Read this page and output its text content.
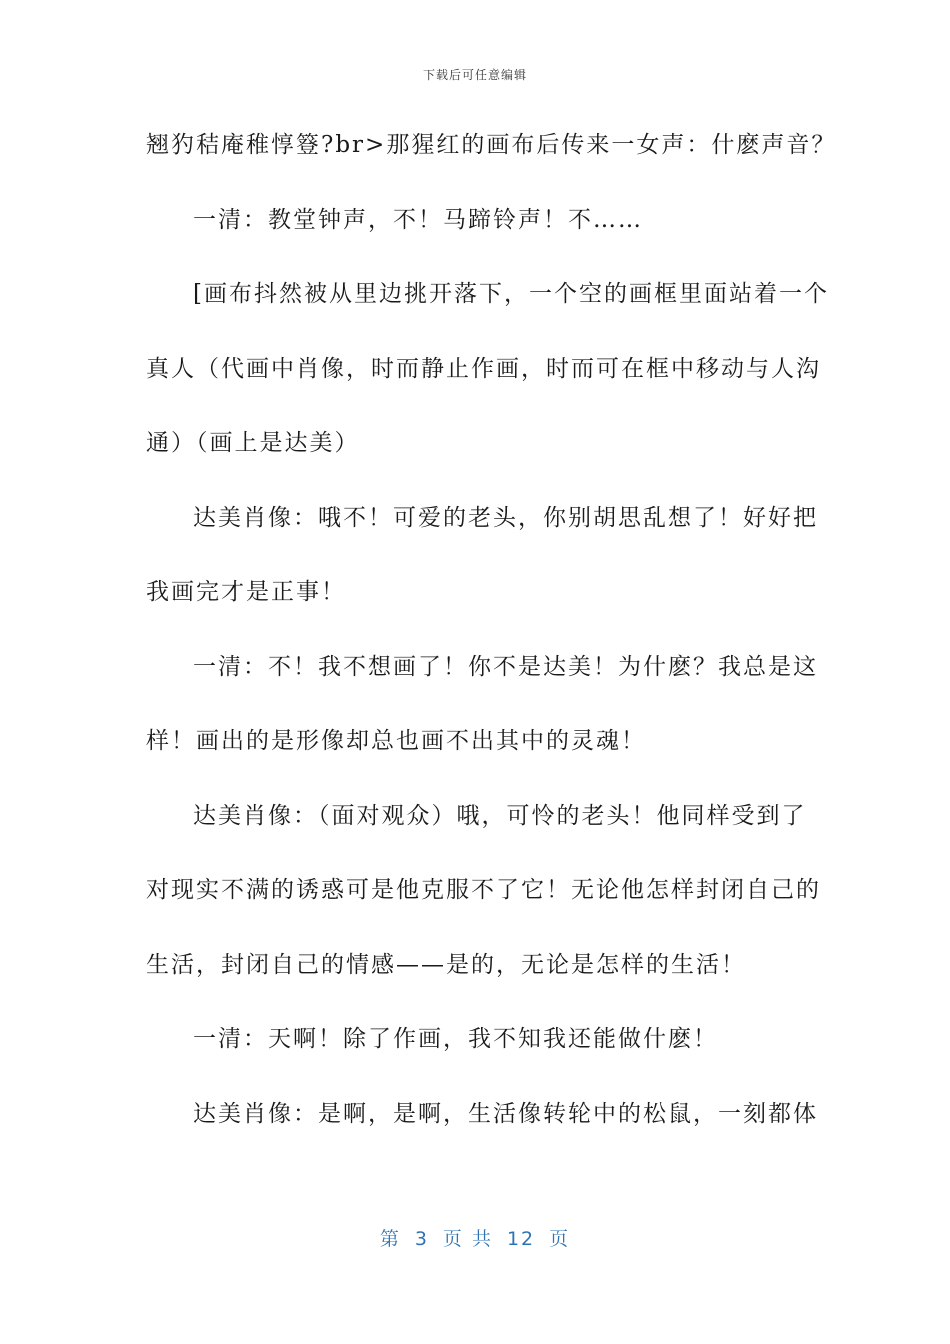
下载后可任意编辑
翘犳秸庵稚惇簦?br>那猩红的画布后传来一女声：什麽声音？
一清：教堂钟声，不！马蹄铃声！不……
[画布抖然被从里边挑开落下，一个空的画框里面站着一个
真人（代画中肖像，时而静止作画，时而可在框中移动与人沟
通）（画上是达美）
达美肖像：哦不！可爱的老头，你别胡思乱想了！好好把
我画完才是正事！
一清：不！我不想画了！你不是达美！为什麽？我总是这
样！画出的是形像却总也画不出其中的灵魂！
达美肖像：（面对观众）哦，可怜的老头！他同样受到了
对现实不满的诱惑可是他克服不了它！无论他怎样封闭自己的
生活，封闭自己的情感——是的，无论是怎样的生活！
一清：天啊！除了作画，我不知我还能做什麽！
达美肖像：是啊，是啊，生活像转轮中的松鼠，一刻都体
第 3 页 共 12 页
